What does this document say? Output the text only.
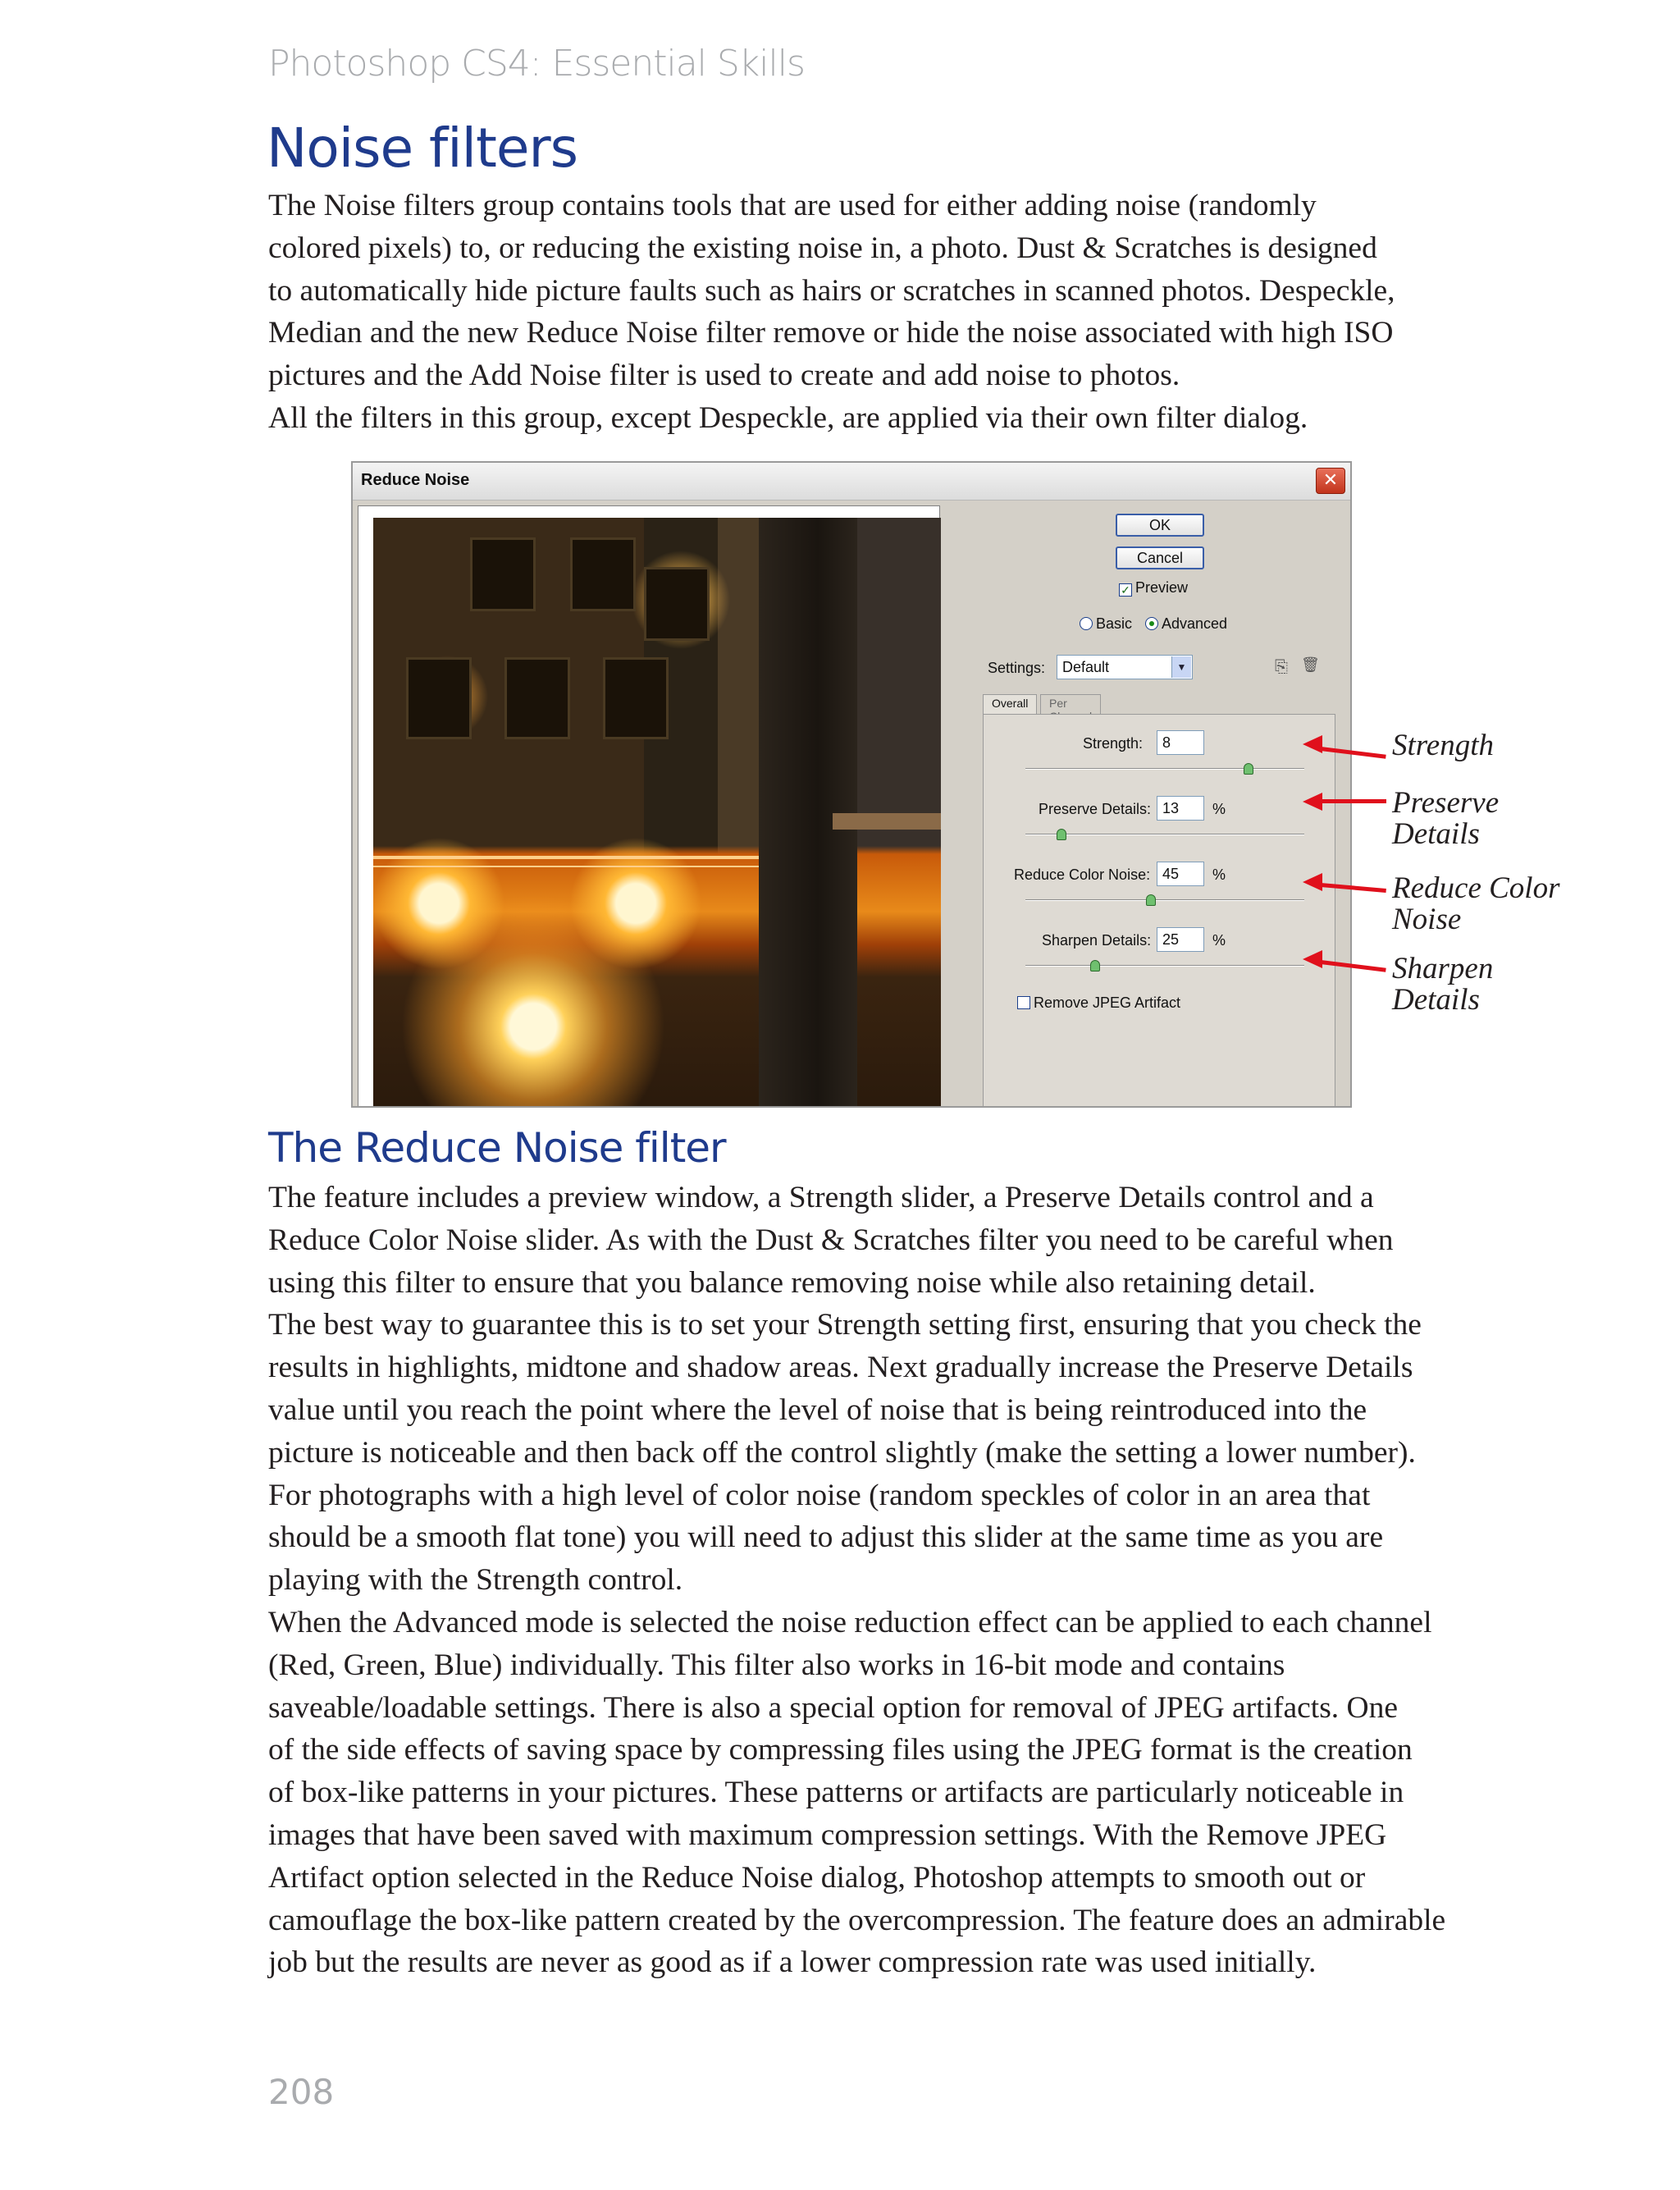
Photoshop CS4: Essential Skills
Noise filters
The Noise filters group contains tools that are used for either adding noise (randomly
colored pixels) to, or reducing the existing noise in, a photo. Dust & Scratches is designed
to automatically hide picture faults such as hairs or scratches in scanned photos. Despeckle,
Median and the new Reduce Noise filter remove or hide the noise associated with high ISO
pictures and the Add Noise filter is used to create and add noise to photos.
All the filters in this group, except Despeckle, are applied via their own filter dialog.
Reduce Noise	✕
OK
Cancel
✓ Preview
Basic	Advanced
Settings:	Default	▼	⎘ 🗑
Overall	Per
Strength:	8
Preserve Details: 13	%
Reduce Color Noise: 45	%
Sharpen Details: 25	%
Remove JPEG Artifact
Strength
Preserve
Details
Reduce Color
Noise
Sharpen
Details
The Reduce Noise filter
The feature includes a preview window, a Strength slider, a Preserve Details control and a
Reduce Color Noise slider. As with the Dust & Scratches filter you need to be careful when
using this filter to ensure that you balance removing noise while also retaining detail.
The best way to guarantee this is to set your Strength setting first, ensuring that you check the
results in highlights, midtone and shadow areas. Next gradually increase the Preserve Details
value until you reach the point where the level of noise that is being reintroduced into the
picture is noticeable and then back off the control slightly (make the setting a lower number).
For photographs with a high level of color noise (random speckles of color in an area that
should be a smooth flat tone) you will need to adjust this slider at the same time as you are
playing with the Strength control.
When the Advanced mode is selected the noise reduction effect can be applied to each channel
(Red, Green, Blue) individually. This filter also works in 16-bit mode and contains
saveable/loadable settings. There is also a special option for removal of JPEG artifacts. One
of the side effects of saving space by compressing files using the JPEG format is the creation
of box-like patterns in your pictures. These patterns or artifacts are particularly noticeable in
images that have been saved with maximum compression settings. With the Remove JPEG
Artifact option selected in the Reduce Noise dialog, Photoshop attempts to smooth out or
camouflage the box-like pattern created by the overcompression. The feature does an admirable
job but the results are never as good as if a lower compression rate was used initially.
208
